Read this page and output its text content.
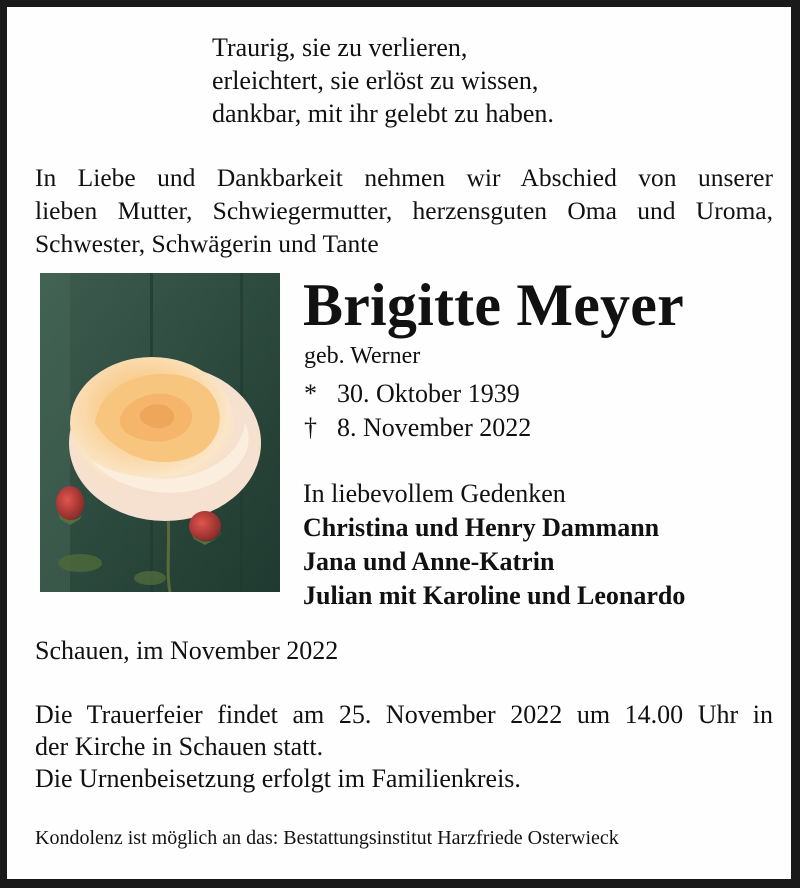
Traurig, sie zu verlieren,
erleichtert, sie erlöst zu wissen,
dankbar, mit ihr gelebt zu haben.
In Liebe und Dankbarkeit nehmen wir Abschied von unserer
lieben Mutter, Schwiegermutter, herzensguten Oma und Uroma,
Schwester, Schwägerin und Tante
Brigitte Meyer
geb. Werner
* 30. Oktober 1939
† 8. November 2022
In liebevollem Gedenken
Christina und Henry Dammann
Jana und Anne-Katrin
Julian mit Karoline und Leonardo
Schauen, im November 2022
Die Trauerfeier findet am 25. November 2022 um 14.00 Uhr in
der Kirche in Schauen statt.
Die Urnenbeisetzung erfolgt im Familienkreis.
Kondolenz ist möglich an das: Bestattungsinstitut Harzfriede Osterwieck
